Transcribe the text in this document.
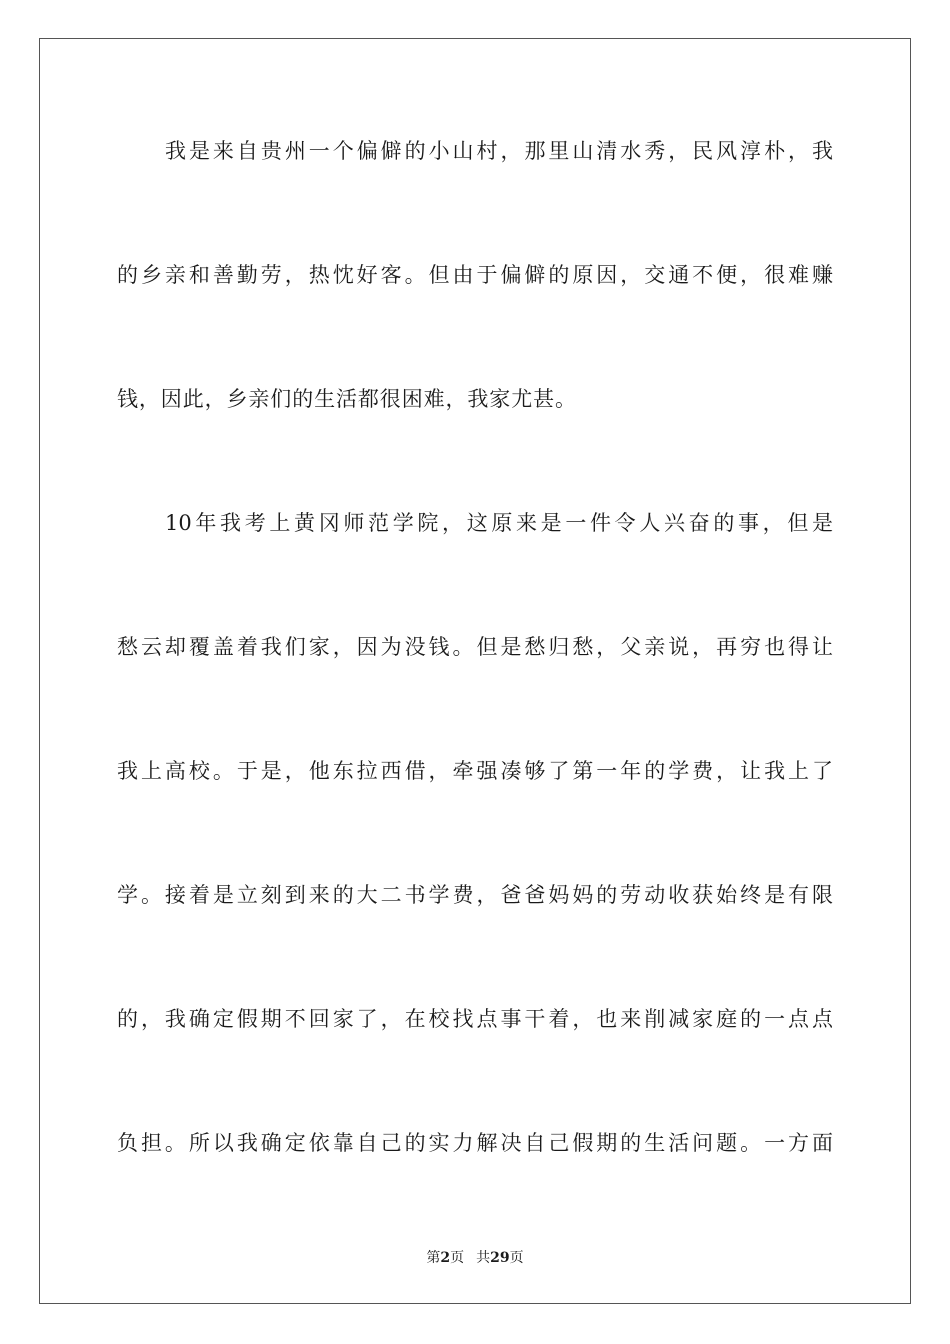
我是来自贵州一个偏僻的小山村，那里山清水秀，民风淳朴，我
的乡亲和善勤劳，热忱好客。但由于偏僻的原因，交通不便，很难赚
钱，因此，乡亲们的生活都很困难，我家尤甚。
10年我考上黄冈师范学院，这原来是一件令人兴奋的事，但是
愁云却覆盖着我们家，因为没钱。但是愁归愁，父亲说，再穷也得让
我上高校。于是，他东拉西借，牵强凑够了第一年的学费，让我上了
学。接着是立刻到来的大二书学费，爸爸妈妈的劳动收获始终是有限
的，我确定假期不回家了，在校找点事干着，也来削减家庭的一点点
负担。所以我确定依靠自己的实力解决自己假期的生活问题。一方面
第2页 共29页
